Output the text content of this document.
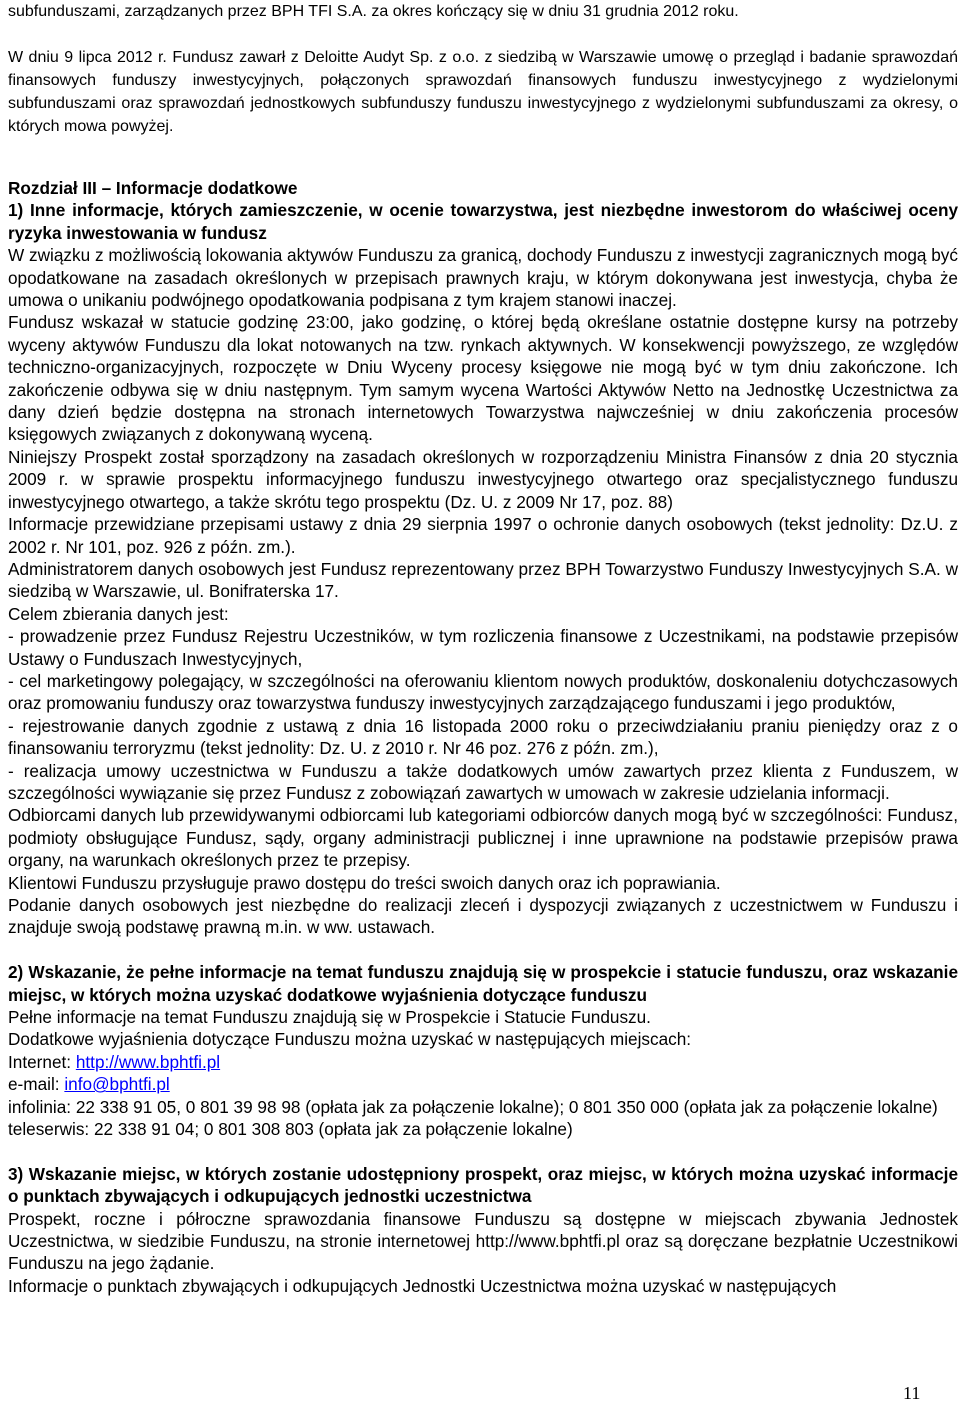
subfunduszami, zarządzanych przez BPH TFI S.A. za okres kończący się w dniu 31 grudnia 2012 roku.

W dniu 9 lipca 2012 r. Fundusz zawarł z Deloitte Audyt Sp. z o.o. z siedzibą w Warszawie umowę o przegląd i badanie sprawozdań finansowych funduszy inwestycyjnych, połączonych sprawozdań finansowych funduszu inwestycyjnego z wydzielonymi subfunduszami oraz sprawozdań jednostkowych subfunduszy funduszu inwestycyjnego z wydzielonymi subfunduszami za okresy, o których mowa powyżej.

Rozdział III – Informacje dodatkowe

1) Inne informacje, których zamieszczenie, w ocenie towarzystwa, jest niezbędne inwestorom do właściwej oceny ryzyka inwestowania w fundusz

W związku z możliwością lokowania aktywów Funduszu za granicą, dochody Funduszu z inwestycji zagranicznych mogą być opodatkowane na zasadach określonych w przepisach prawnych kraju, w którym dokonywana jest inwestycja, chyba że umowa o unikaniu podwójnego opodatkowania podpisana z tym krajem stanowi inaczej.

Fundusz wskazał w statucie godzinę 23:00, jako godzinę, o której będą określane ostatnie dostępne kursy na potrzeby wyceny aktywów Funduszu dla lokat notowanych na tzw. rynkach aktywnych. W konsekwencji powyższego, ze względów techniczno-organizacyjnych, rozpoczęte w Dniu Wyceny procesy księgowe nie mogą być w tym dniu zakończone. Ich zakończenie odbywa się w dniu następnym. Tym samym wycena Wartości Aktywów Netto na Jednostkę Uczestnictwa za dany dzień będzie dostępna na stronach internetowych Towarzystwa najwcześniej w dniu zakończenia procesów księgowych związanych z dokonywaną wyceną.

Niniejszy Prospekt został sporządzony na zasadach określonych w rozporządzeniu Ministra Finansów z dnia 20 stycznia 2009 r. w sprawie prospektu informacyjnego funduszu inwestycyjnego otwartego oraz specjalistycznego funduszu inwestycyjnego otwartego, a także skrótu tego prospektu (Dz. U. z 2009 Nr 17, poz. 88)

Informacje przewidziane przepisami ustawy z dnia 29 sierpnia 1997 o ochronie danych osobowych (tekst jednolity: Dz.U. z 2002 r. Nr 101, poz. 926 z późn. zm.).

Administratorem danych osobowych jest Fundusz reprezentowany przez BPH Towarzystwo Funduszy Inwestycyjnych S.A. w siedzibą w Warszawie, ul. Bonifraterska 17.

Celem zbierania danych jest:

- prowadzenie przez Fundusz Rejestru Uczestników, w tym rozliczenia finansowe z Uczestnikami, na podstawie przepisów Ustawy o Funduszach Inwestycyjnych,

- cel marketingowy polegający, w szczególności na oferowaniu klientom nowych produktów, doskonaleniu dotychczasowych oraz promowaniu funduszy oraz towarzystwa funduszy inwestycyjnych zarządzającego funduszami i jego produktów,

- rejestrowanie danych zgodnie z ustawą z dnia 16 listopada 2000 roku o przeciwdziałaniu praniu pieniędzy oraz z o finansowaniu terroryzmu (tekst jednolity: Dz. U. z 2010 r. Nr 46 poz. 276 z późn. zm.),

- realizacja umowy uczestnictwa w Funduszu a także dodatkowych umów zawartych przez klienta z Funduszem, w szczególności wywiązanie się przez Fundusz z zobowiązań zawartych w umowach w zakresie udzielania informacji.

Odbiorcami danych lub przewidywanymi odbiorcami lub kategoriami odbiorców danych mogą być w szczególności: Fundusz, podmioty obsługujące Fundusz, sądy, organy administracji publicznej i inne uprawnione na podstawie przepisów prawa organy, na warunkach określonych przez te przepisy.

Klientowi Funduszu przysługuje prawo dostępu do treści swoich danych oraz ich poprawiania.

Podanie danych osobowych jest niezbędne do realizacji zleceń i dyspozycji związanych z uczestnictwem w Funduszu i znajduje swoją podstawę prawną m.in. w ww. ustawach.

2) Wskazanie, że pełne informacje na temat funduszu znajdują się w prospekcie i statucie funduszu, oraz wskazanie miejsc, w których można uzyskać dodatkowe wyjaśnienia dotyczące funduszu

Pełne informacje na temat Funduszu znajdują się w Prospekcie i Statucie Funduszu.

Dodatkowe wyjaśnienia dotyczące Funduszu można uzyskać w następujących miejscach:

Internet: http://www.bphtfi.pl

e-mail: info@bphtfi.pl

infolinia: 22 338 91 05, 0 801 39 98 98 (opłata jak za połączenie lokalne); 0 801 350 000 (opłata jak za połączenie lokalne)

teleserwis: 22 338 91 04; 0 801 308 803 (opłata jak za połączenie lokalne)

3) Wskazanie miejsc, w których zostanie udostępniony prospekt, oraz miejsc, w których można uzyskać informacje o punktach zbywających i odkupujących jednostki uczestnictwa

Prospekt, roczne i półroczne sprawozdania finansowe Funduszu są dostępne w miejscach zbywania Jednostek Uczestnictwa, w siedzibie Funduszu, na stronie internetowej http://www.bphtfi.pl oraz są doręczane bezpłatnie Uczestnikowi Funduszu na jego żądanie.

Informacje o punktach zbywających i odkupujących Jednostki Uczestnictwa można uzyskać w następujących

11
